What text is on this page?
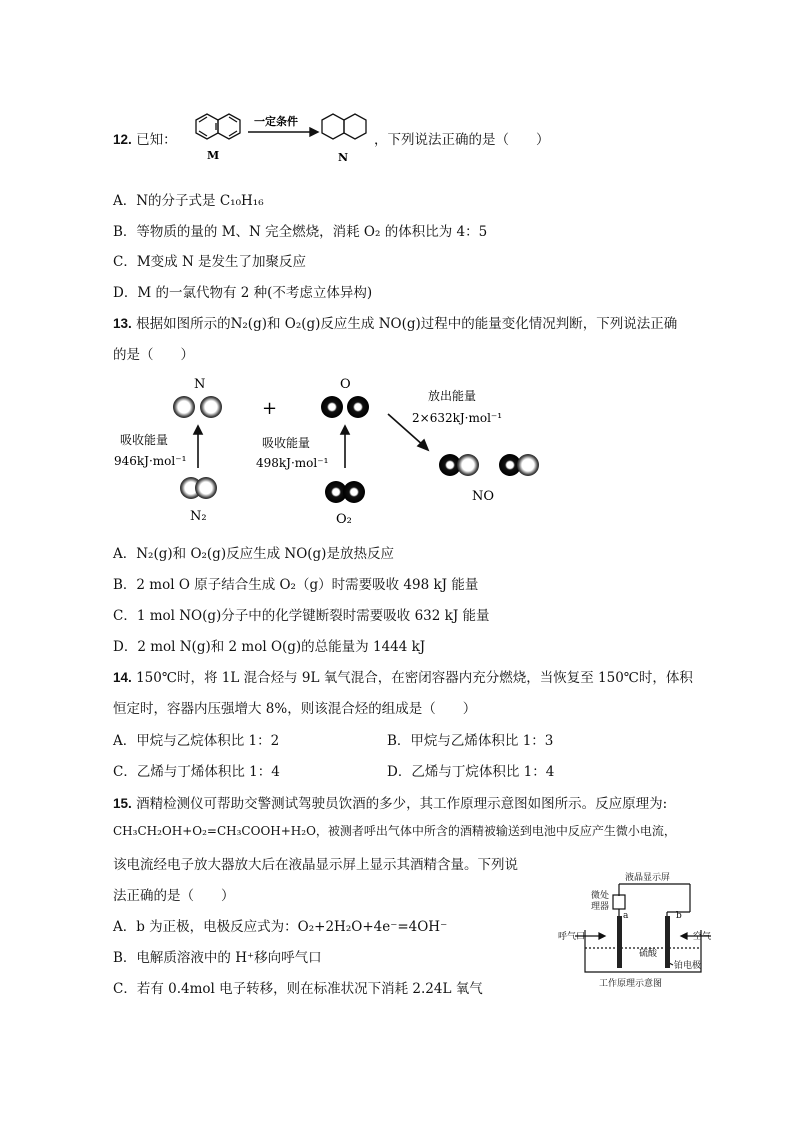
12. 已知：
M
一定条件
N
，下列说法正确的是（　　）
A．N的分子式是 C₁₀H₁₆
B．等物质的量的 M、N 完全燃烧，消耗 O₂ 的体积比为 4：5
C．M变成 N 是发生了加聚反应
D．M 的一氯代物有 2 种(不考虑立体异构)
13. 根据如图所示的N₂(g)和 O₂(g)反应生成 NO(g)过程中的能量变化情况判断，下列说法正确
的是（　　）
N
+
O
放出能量
2×632kJ·mol⁻¹
吸收能量
946kJ·mol⁻¹
吸收能量
498kJ·mol⁻¹
N₂	O₂
NO
A．N₂(g)和 O₂(g)反应生成 NO(g)是放热反应
B．2 mol O 原子结合生成 O₂（g）时需要吸收 498 kJ 能量
C．1 mol NO(g)分子中的化学键断裂时需要吸收 632 kJ 能量
D．2 mol N(g)和 2 mol O(g)的总能量为 1444 kJ
14. 150℃时，将 1L 混合烃与 9L 氧气混合，在密闭容器内充分燃烧，当恢复至 150℃时，体积
恒定时，容器内压强增大 8%，则该混合烃的组成是（　　）
A．甲烷与乙烷体积比 1：2	B．甲烷与乙烯体积比 1：3
C．乙烯与丁烯体积比 1：4	D．乙烯与丁烷体积比 1：4
15. 酒精检测仪可帮助交警测试驾驶员饮酒的多少，其工作原理示意图如图所示。反应原理为:
CH₃CH₂OH+O₂=CH₃COOH+H₂O，被测者呼出气体中所含的酒精被输送到电池中反应产生微小电流，
该电流经电子放大器放大后在液晶显示屏上显示其酒精含量。下列说
法正确的是（　　）
液晶显示屏
微处
理器
a	b
呼气口	空气
硫酸
铂电极
工作原理示意图
A．b 为正极，电极反应式为：O₂+2H₂O+4e⁻=4OH⁻
B．电解质溶液中的 H⁺移向呼气口
C．若有 0.4mol 电子转移，则在标准状况下消耗 2.24L 氧气
